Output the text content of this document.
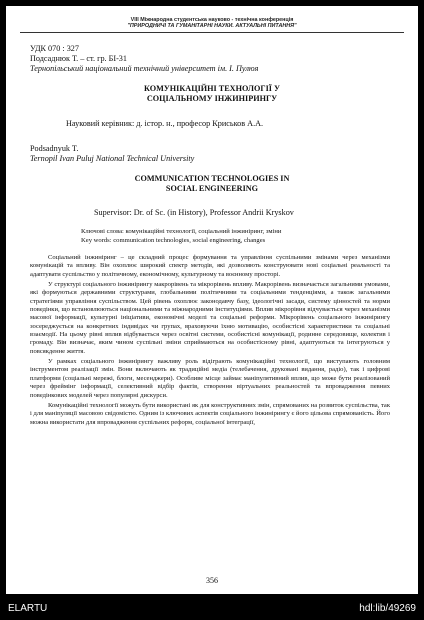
VIII Міжнародна студентська науково - технічна конференція
"ПРИРОДНИЧІ ТА ГУМАНІТАРНІ НАУКИ. АКТУАЛЬНІ ПИТАННЯ"
УДК 070 : 327
Подсаднюк Т. – ст. гр. БІ-31
Тернопільський національний технічний університет ім. І. Пулюя
КОМУНІКАЦІЙНІ ТЕХНОЛОГІЇ У
СОЦІАЛЬНОМУ ІНЖИНІРИНГУ
Науковий керівник: д. істор. н., професор Криськов А.А.
Podsadnyuk T.
Ternopil Ivan Puluj National Technical University
COMMUNICATION TECHNOLOGIES IN
SOCIAL ENGINEERING
Supervisor: Dr. of Sc. (in History), Professor Andrii Kryskov
Ключові слова: комунікаційні технології, соціальний інжиніринг, зміни
Key words: communication technologies, social engineering, changes

Соціальний інжиніринг – це складний процес формування та управління суспільними змінами через механізми комунікацій та впливу. Він охоплює широкий спектр методів, які дозволяють конструювати нові соціальні реальності та адаптувати суспільство у політичному, економічному, культурному та воєнному просторі.

У структурі соціального інжинірингу макрорівень та мікрорівень впливу. Макрорівень визначається загальними умовами, які формуються державними структурами, глобальними політичними та соціальними тенденціями, а також загальними стратегіями управління суспільством. Цей рівень охоплює законодавчу базу, ідеологічні засади, систему цінностей та норми поведінки, що встановлюються національними та міжнародними інституціями. Вплив мікрорівня відчувається через механізми масової інформації, культурні ініціативи, економічні моделі та соціальні реформи. Мікрорівень соціального інжинірингу зосереджується на конкретних індивідах чи групах, враховуючи їхню мотивацію, особистісні характеристики та соціальні взаємодії. На цьому рівні вплив відбувається через освітні системи, особистісні комунікації, родинне середовище, колектив і громаду. Він визначає, яким чином суспільні зміни сприймаються на особистісному рівні, адаптуються та інтегруються у повсякденне життя.

У рамках соціального інжинірингу важливу роль відіграють комунікаційні технології, що виступають головним інструментом реалізації змін. Вони включають як традиційні медіа (телебачення, друковані видання, радіо), так і цифрові платформи (соціальні мережі, блоги, месенджери). Особливе місце займає маніпулятивний вплив, що може бути реалізований через фреймінг інформації, селективний відбір фактів, створення віртуальних реальностей та впровадження певних поведінкових моделей через популярні дискурси.

Комунікаційні технології можуть бути використані як для конструктивних змін, спрямованих на розвиток суспільства, так і для маніпуляції масовою свідомістю. Одним із ключових аспектів соціального інжинірингу є його цільова спрямованість. Його можна використати для впровадження суспільних реформ, соціальної інтеграції,

356
ELARTU	hdl:lib/49269
